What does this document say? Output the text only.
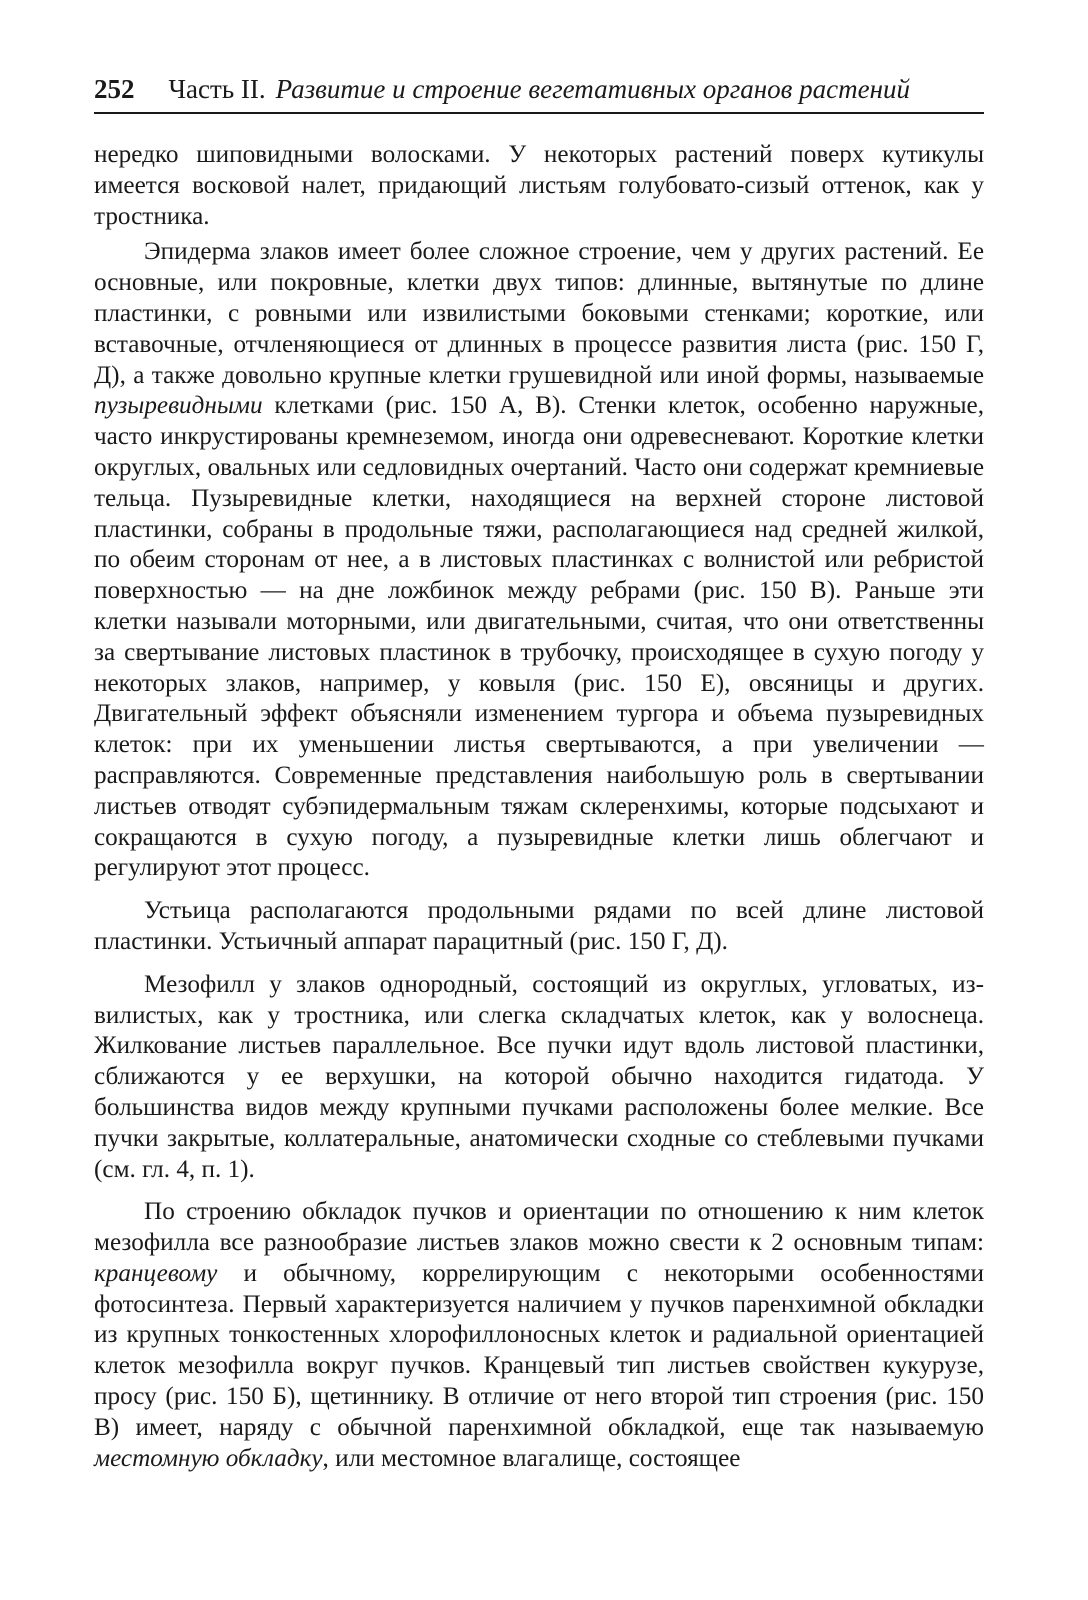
252 Часть II. Развитие и строение вегетативных органов растений

нередко шиповидными волосками. У некоторых растений поверх кутикулы имеется восковой налет, придающий листьям голубовато-сизый оттенок, как у тростника.

Эпидерма злаков имеет более сложное строение, чем у других растений. Ее основные, или покровные, клетки двух типов: длинные, вытянутые по длине пластинки, с ровными или извилистыми боковыми стенками; короткие, или вставочные, отчленяющиеся от длинных в процессе развития листа (рис. 150 Г, Д), а также довольно крупные клетки грушевидной или иной формы, называемые пузыревидными клетками (рис. 150 А, В). Стенки клеток, особенно наружные, часто инкрустированы кремнеземом, иногда они одревесневают. Короткие клетки округлых, овальных или седловидных очертаний. Часто они содержат кремниевые тельца. Пузыревидные клетки, находящиеся на верхней стороне листовой пластинки, собраны в продольные тяжи, располагающиеся над средней жилкой, по обеим сторонам от нее, а в листовых пластинках с волнистой или ребристой поверхностью — на дне ложбинок между ребрами (рис. 150 В). Раньше эти клетки называли моторными, или двигательными, считая, что они ответственны за свертывание листовых пластинок в трубочку, происходящее в сухую погоду у некоторых злаков, например, у ковыля (рис. 150 Е), овсяницы и других. Двигательный эффект объясняли изменением тургора и объема пузыревидных клеток: при их уменьшении листья свертываются, а при увеличении — расправляются. Современные представления наибольшую роль в свертывании листьев отводят субэпидермальным тяжам склеренхимы, которые подсыхают и сокращаются в сухую погоду, а пузыревидные клетки лишь облегчают и регулируют этот процесс.

Устьица располагаются продольными рядами по всей длине листовой пластинки. Устьичный аппарат парацитный (рис. 150 Г, Д).

Мезофилл у злаков однородный, состоящий из округлых, угловатых, извилистых, как у тростника, или слегка складчатых клеток, как у волоснеца. Жилкование листьев параллельное. Все пучки идут вдоль листовой пластинки, сближаются у ее верхушки, на которой обычно находится гидатода. У большинства видов между крупными пучками расположены более мелкие. Все пучки закрытые, коллатеральные, анатомически сходные со стеблевыми пучками (см. гл. 4, п. 1).

По строению обкладок пучков и ориентации по отношению к ним клеток мезофилла все разнообразие листьев злаков можно свести к 2 основным типам: кранцевому и обычному, коррелирующим с некоторыми особенностями фотосинтеза. Первый характеризуется наличием у пучков паренхимной обкладки из крупных тонкостенных хлорофиллоносных клеток и радиальной ориентацией клеток мезофилла вокруг пучков. Кранцевый тип листьев свойствен кукурузе, просу (рис. 150 Б), щетиннику. В отличие от него второй тип строения (рис. 150 В) имеет, наряду с обычной паренхимной обкладкой, еще так называемую местомную обкладку, или местомное влагалище, состоящее
